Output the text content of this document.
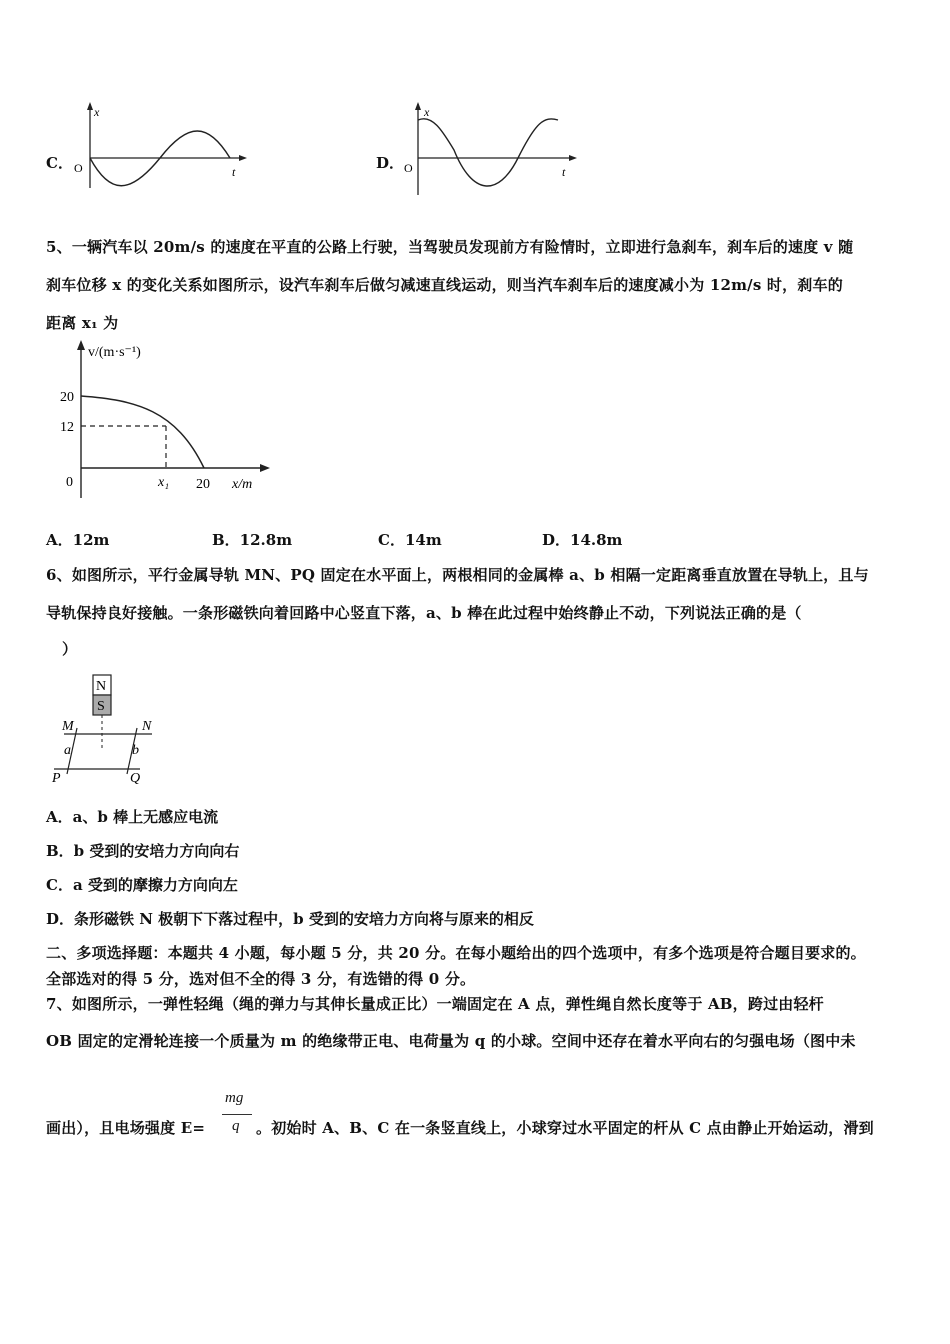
C．
x
t
O	D．
x
t
O
5、一辆汽车以 20m/s 的速度在平直的公路上行驶，当驾驶员发现前方有险情时，立即进行急刹车，刹车后的速度 v 随
刹车位移 x 的变化关系如图所示，设汽车刹车后做匀减速直线运动，则当汽车刹车后的速度减小为 12m/s 时，刹车的
距离 x₁ 为
v/(m·s⁻¹)
20
12
0	x₁ 20 x/m
A．12m	B．12.8m	C．14m	D．14.8m
6、如图所示，平行金属导轨 MN、PQ 固定在水平面上，两根相同的金属棒 a、b 相隔一定距离垂直放置在导轨上，且与
导轨保持良好接触。一条形磁铁向着回路中心竖直下落，a、b 棒在此过程中始终静止不动，下列说法正确的是（
）
N
S
M	N
a	b
P	Q
A．a、b 棒上无感应电流
B．b 受到的安培力方向向右
C．a 受到的摩擦力方向向左
D．条形磁铁 N 极朝下下落过程中，b 受到的安培力方向将与原来的相反
二、多项选择题：本题共 4 小题，每小题 5 分，共 20 分。在每小题给出的四个选项中，有多个选项是符合题目要求的。
全部选对的得 5 分，选对但不全的得 3 分，有选错的得 0 分。
7、如图所示，一弹性轻绳（绳的弹力与其伸长量成正比）一端固定在 A 点，弹性绳自然长度等于 AB，跨过由轻杆
OB 固定的定滑轮连接一个质量为 m 的绝缘带正电、电荷量为 q 的小球。空间中还存在着水平向右的匀强电场（图中未
画出），且电场强度 E=
mg
q 。初始时 A、B、C 在一条竖直线上，小球穿过水平固定的杆从 C 点由静止开始运动，滑到
